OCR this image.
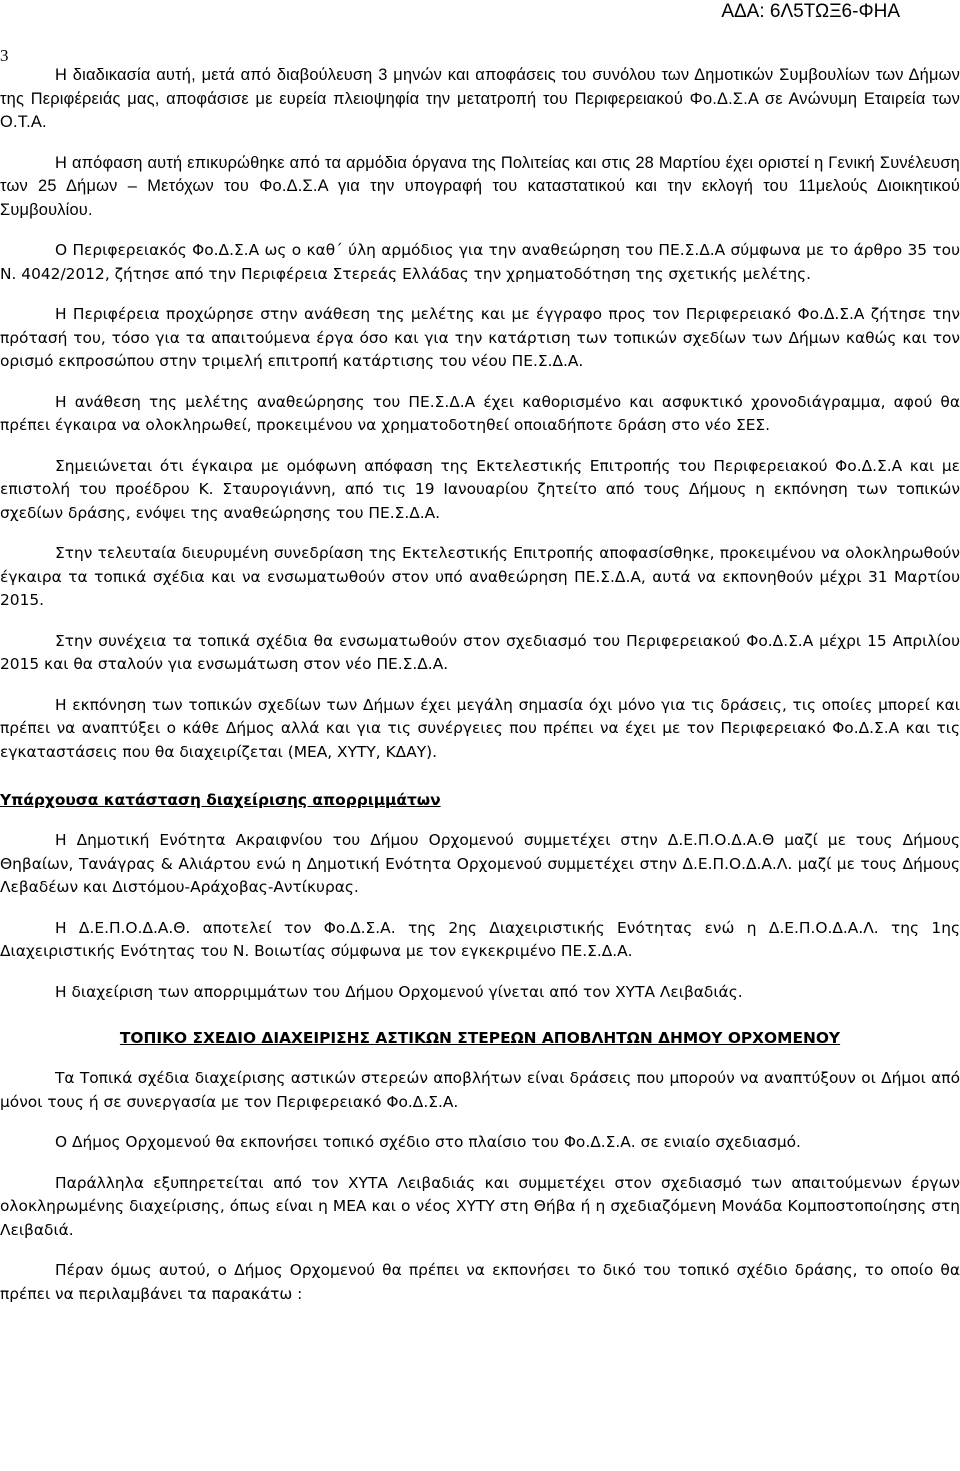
ΑΔΑ: 6Λ5ΤΩΞ6-ΦΗΑ
3

Η διαδικασία αυτή, μετά από διαβούλευση 3 μηνών και αποφάσεις του συνόλου των Δημοτικών Συμβουλίων των Δήμων της Περιφέρειάς μας, αποφάσισε με ευρεία πλειοψηφία την μετατροπή του Περιφερειακού Φο.Δ.Σ.Α σε Ανώνυμη Εταιρεία των Ο.Τ.Α.

Η απόφαση αυτή επικυρώθηκε από τα αρμόδια όργανα της Πολιτείας και στις 28 Μαρτίου έχει οριστεί η Γενική Συνέλευση των 25 Δήμων – Μετόχων του Φο.Δ.Σ.Α για την υπογραφή του καταστατικού και την εκλογή του 11μελούς Διοικητικού Συμβουλίου.

Ο Περιφερειακός Φο.Δ.Σ.Α ως ο καθ΄ ύλη αρμόδιος για την αναθεώρηση του ΠΕ.Σ.Δ.Α σύμφωνα με το άρθρο 35 του Ν. 4042/2012, ζήτησε από την Περιφέρεια Στερεάς Ελλάδας την χρηματοδότηση της σχετικής μελέτης.

Η Περιφέρεια προχώρησε στην ανάθεση της μελέτης και με έγγραφο προς τον Περιφερειακό Φο.Δ.Σ.Α ζήτησε την πρότασή του, τόσο για τα απαιτούμενα έργα όσο και για την κατάρτιση των τοπικών σχεδίων των Δήμων καθώς και τον ορισμό εκπροσώπου στην τριμελή επιτροπή κατάρτισης του νέου ΠΕ.Σ.Δ.Α.

Η ανάθεση της μελέτης αναθεώρησης του ΠΕ.Σ.Δ.Α έχει καθορισμένο και ασφυκτικό χρονοδιάγραμμα, αφού θα πρέπει έγκαιρα να ολοκληρωθεί, προκειμένου να χρηματοδοτηθεί οποιαδήποτε δράση στο νέο ΣΕΣ.

Σημειώνεται ότι έγκαιρα με ομόφωνη απόφαση της Εκτελεστικής Επιτροπής του Περιφερειακού Φο.Δ.Σ.Α και με επιστολή του προέδρου Κ. Σταυρογιάννη, από τις 19 Ιανουαρίου ζητείτο από τους Δήμους η εκπόνηση των τοπικών σχεδίων δράσης, ενόψει της αναθεώρησης του ΠΕ.Σ.Δ.Α.

Στην τελευταία διευρυμένη συνεδρίαση της Εκτελεστικής Επιτροπής αποφασίσθηκε, προκειμένου να ολοκληρωθούν έγκαιρα τα τοπικά σχέδια και να ενσωματωθούν στον υπό αναθεώρηση ΠΕ.Σ.Δ.Α, αυτά να εκπονηθούν μέχρι 31 Μαρτίου 2015.

Στην συνέχεια τα τοπικά σχέδια θα ενσωματωθούν στον σχεδιασμό του Περιφερειακού Φο.Δ.Σ.Α μέχρι 15 Απριλίου 2015 και θα σταλούν για ενσωμάτωση στον νέο ΠΕ.Σ.Δ.Α.

Η εκπόνηση των τοπικών σχεδίων των Δήμων έχει μεγάλη σημασία όχι μόνο για τις δράσεις, τις οποίες μπορεί και πρέπει να αναπτύξει ο κάθε Δήμος αλλά και για τις συνέργειες που πρέπει να έχει με τον Περιφερειακό Φο.Δ.Σ.Α και τις εγκαταστάσεις που θα διαχειρίζεται (ΜΕΑ, ΧΥΤΥ, ΚΔΑΥ).

Υπάρχουσα κατάσταση διαχείρισης απορριμμάτων

Η Δημοτική Ενότητα Ακραιφνίου του Δήμου Ορχομενού συμμετέχει στην Δ.Ε.Π.Ο.Δ.Α.Θ μαζί με τους Δήμους Θηβαίων, Τανάγρας & Αλιάρτου ενώ η Δημοτική Ενότητα Ορχομενού συμμετέχει στην Δ.Ε.Π.Ο.Δ.Α.Λ. μαζί με τους Δήμους Λεβαδέων και Διστόμου-Αράχοβας-Αντίκυρας.

Η Δ.Ε.Π.Ο.Δ.Α.Θ. αποτελεί τον Φο.Δ.Σ.Α. της 2ης Διαχειριστικής Ενότητας ενώ η Δ.Ε.Π.Ο.Δ.Α.Λ. της 1ης Διαχειριστικής Ενότητας του Ν. Βοιωτίας σύμφωνα με τον εγκεκριμένο ΠΕ.Σ.Δ.Α.

Η διαχείριση των απορριμμάτων του Δήμου Ορχομενού γίνεται από τον ΧΥΤΑ Λειβαδιάς.

ΤΟΠΙΚΟ ΣΧΕΔΙΟ ΔΙΑΧΕΙΡΙΣΗΣ ΑΣΤΙΚΩΝ ΣΤΕΡΕΩΝ ΑΠΟΒΛΗΤΩΝ ΔΗΜΟΥ ΟΡΧΟΜΕΝΟΥ

Τα Τοπικά σχέδια διαχείρισης αστικών στερεών αποβλήτων είναι δράσεις που μπορούν να αναπτύξουν οι Δήμοι από μόνοι τους ή σε συνεργασία με τον Περιφερειακό Φο.Δ.Σ.Α.

Ο Δήμος Ορχομενού θα εκπονήσει τοπικό σχέδιο στο πλαίσιο του Φο.Δ.Σ.Α. σε ενιαίο σχεδιασμό.

Παράλληλα εξυπηρετείται από τον ΧΥΤΑ Λειβαδιάς και συμμετέχει στον σχεδιασμό των απαιτούμενων έργων ολοκληρωμένης διαχείρισης, όπως είναι η ΜΕΑ και ο νέος ΧΥΤΥ στη Θήβα ή η σχεδιαζόμενη Μονάδα Κομποστοποίησης στη Λειβαδιά.

Πέραν όμως αυτού, ο Δήμος Ορχομενού θα πρέπει να εκπονήσει το δικό του τοπικό σχέδιο δράσης, το οποίο θα πρέπει να περιλαμβάνει τα παρακάτω :
